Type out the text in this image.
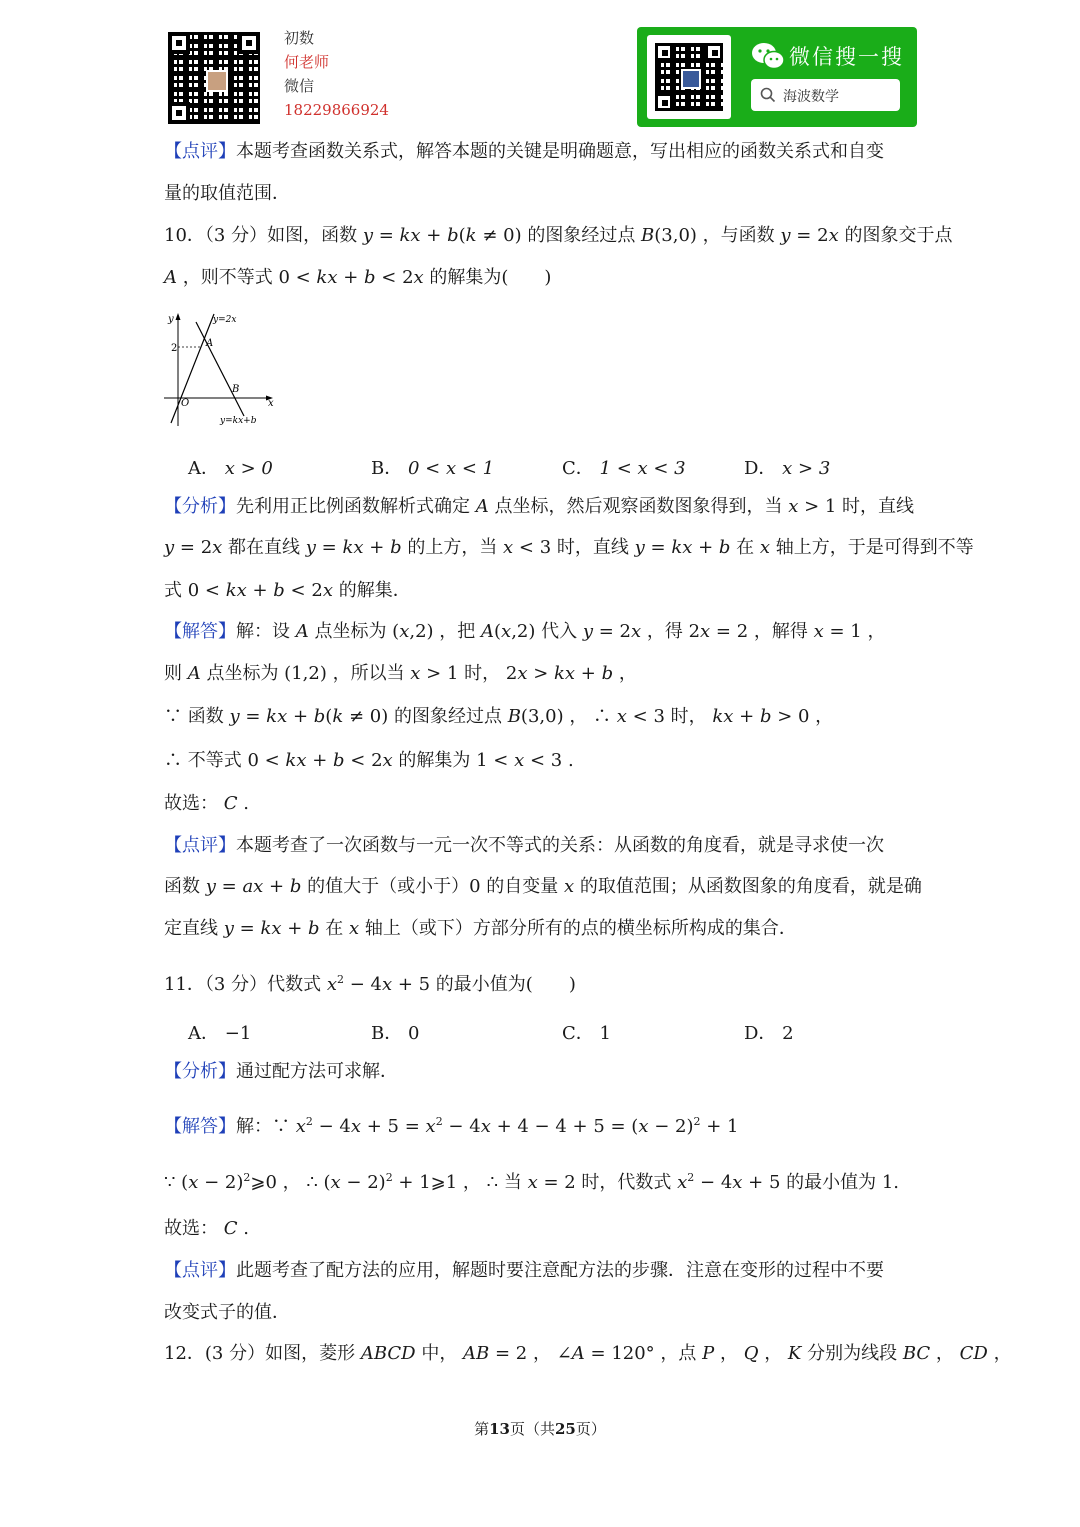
初数
何老师
微信
18229866924
微信搜一搜
海波数学
【点评】本题考查函数关系式，解答本题的关键是明确题意，写出相应的函数关系式和自变
量的取值范围．
10．（3 分）如图，函数 y = kx + b(k ≠ 0) 的图象经过点 B(3,0) ，与函数 y = 2x 的图象交于点
A ，则不等式 0 < kx + b < 2x 的解集为(　　)
y
x
y=2x
y=kx+b
A
B
O
2
A． x > 0	B． 0 < x < 1	C． 1 < x < 3	D． x > 3
【分析】先利用正比例函数解析式确定 A 点坐标，然后观察函数图象得到，当 x > 1 时，直线
y = 2x 都在直线 y = kx + b 的上方，当 x < 3 时，直线 y = kx + b 在 x 轴上方，于是可得到不等
式 0 < kx + b < 2x 的解集．
【解答】解：设 A 点坐标为 (x,2) ，把 A(x,2) 代入 y = 2x ，得 2x = 2 ，解得 x = 1 ，
则 A 点坐标为 (1,2) ，所以当 x > 1 时， 2x > kx + b ，
∵ 函数 y = kx + b(k ≠ 0) 的图象经过点 B(3,0) ， ∴ x < 3 时， kx + b > 0 ，
∴ 不等式 0 < kx + b < 2x 的解集为 1 < x < 3 .
故选： C .
【点评】本题考查了一次函数与一元一次不等式的关系：从函数的角度看，就是寻求使一次
函数 y = ax + b 的值大于（或小于）0 的自变量 x 的取值范围；从函数图象的角度看，就是确
定直线 y = kx + b 在 x 轴上（或下）方部分所有的点的横坐标所构成的集合．
11．（3 分）代数式 $x^2 - 4x + 5$ 的最小值为(　　)
A． −1	B． 0	C． 1	D． 2
【分析】通过配方法可求解．
【解答】解：∵ $x^2 - 4x + 5 = x^2 - 4x + 4 - 4 + 5 = (x - 2)^2 + 1$
∵ $(x - 2)^2⩾0$ ， ∴ $(x - 2)^2$ + 1⩾1 ， ∴ 当 x = 2 时，代数式 $x^2 - 4x + 5$ 的最小值为 1.
故选： C .
【点评】此题考查了配方法的应用，解题时要注意配方法的步骤．注意在变形的过程中不要
改变式子的值．
12．(3 分）如图，菱形 ABCD 中， AB = 2 ， ∠A = 120° ，点 P ， Q ， K 分别为线段 BC ， CD ，
第13页（共25页）
